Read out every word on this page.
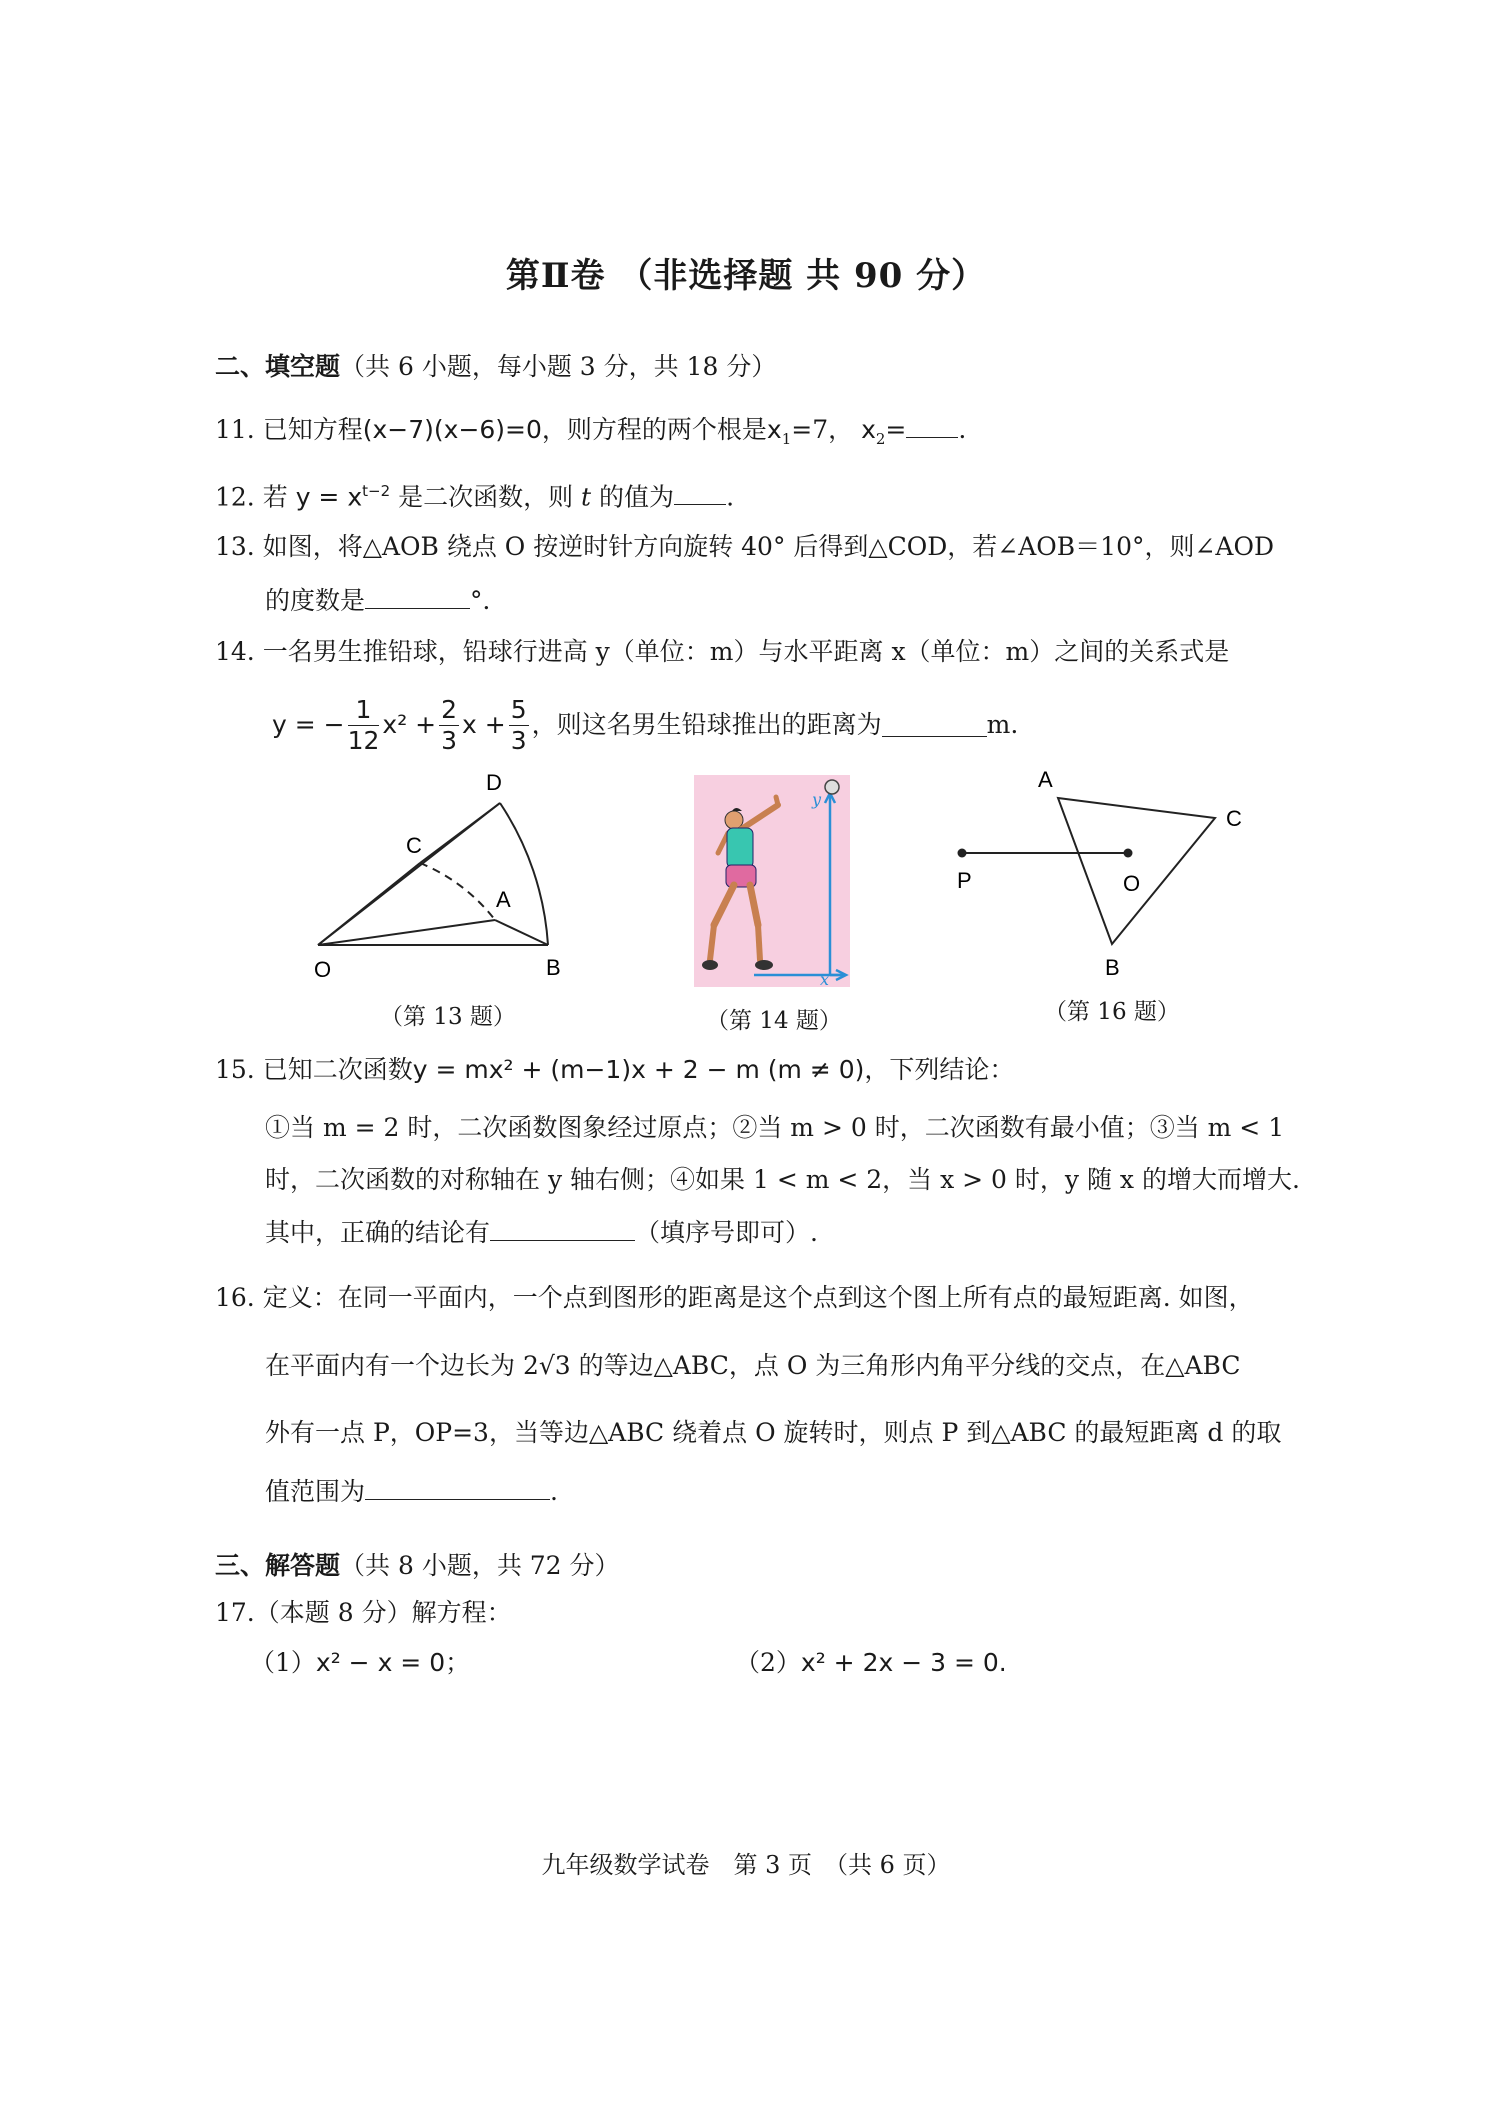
第Ⅱ卷 （非选择题 共 90 分）
二、填空题（共 6 小题，每小题 3 分，共 18 分）
11. 已知方程(x−7)(x−6)=0，则方程的两个根是$x_1=7$， $x_2=$ .
12. 若 $y = x^{t-2}$ 是二次函数，则 t 的值为 .
13. 如图，将△AOB 绕点 O 按逆时针方向旋转 40° 后得到△COD，若∠AOB＝10°，则∠AOD
的度数是	°．
14. 一名男生推铅球，铅球行进高 y（单位：m）与水平距离 x（单位：m）之间的关系式是
y = − $\frac{1}{12} x^2 + \frac{2}{3}$ $x + \frac{5}{3}$ ，则这名男生铅球推出的距离为	m.
O	B
A
C
D
（第 13 题）
y
x
（第 14 题）
A
C
B
P	O
（第 16 题）
15. 已知二次函数y = mx² + (m−1)x + 2 − m (m ≠ 0)，下列结论：
①当 m = 2 时，二次函数图象经过原点；②当 m > 0 时，二次函数有最小值；③当 m < 1
时，二次函数的对称轴在 y 轴右侧；④如果 1 < m < 2，当 x > 0 时，y 随 x 的增大而增大.
其中，正确的结论有	（填序号即可）.
16. 定义：在同一平面内，一个点到图形的距离是这个点到这个图上所有点的最短距离. 如图，
在平面内有一个边长为 2√3 的等边△ABC，点 O 为三角形内角平分线的交点，在△ABC
外有一点 P，OP=3，当等边△ABC 绕着点 O 旋转时，则点 P 到△ABC 的最短距离 d 的取
值范围为	.
三、解答题（共 8 小题，共 72 分）
17.（本题 8 分）解方程：
（1）x² − x = 0；	（2）x² + 2x − 3 = 0.
九年级数学试卷　第 3 页　（共 6 页）
